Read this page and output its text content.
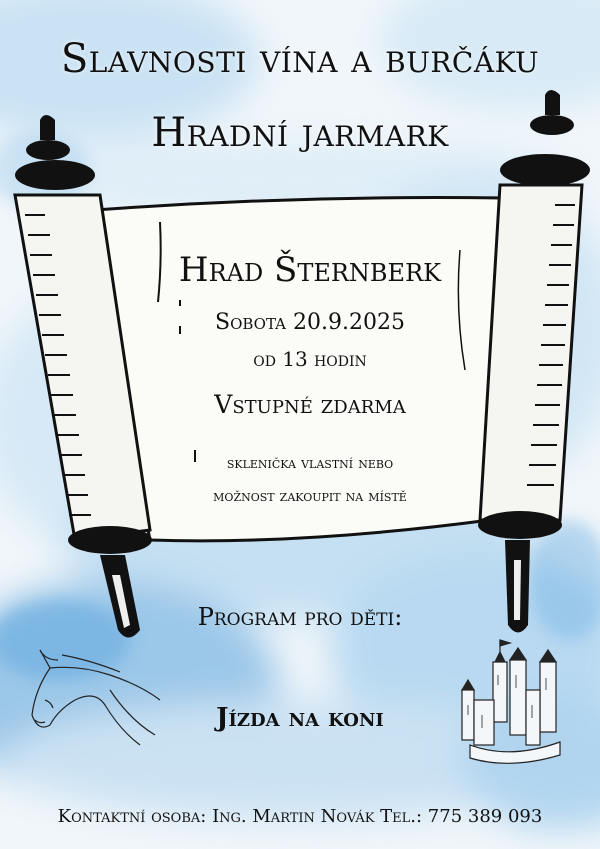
Slavnosti vína a burčáku
Hradní jarmark
Hrad Šternberk
Sobota 20.9.2025
od 13 hodin
Vstupné zdarma
sklenička vlastní nebo
možnost zakoupit na místě
Program pro děti:
Jízda na koni
Kontaktní osoba: Ing. Martin Novák Tel.: 775 389 093
